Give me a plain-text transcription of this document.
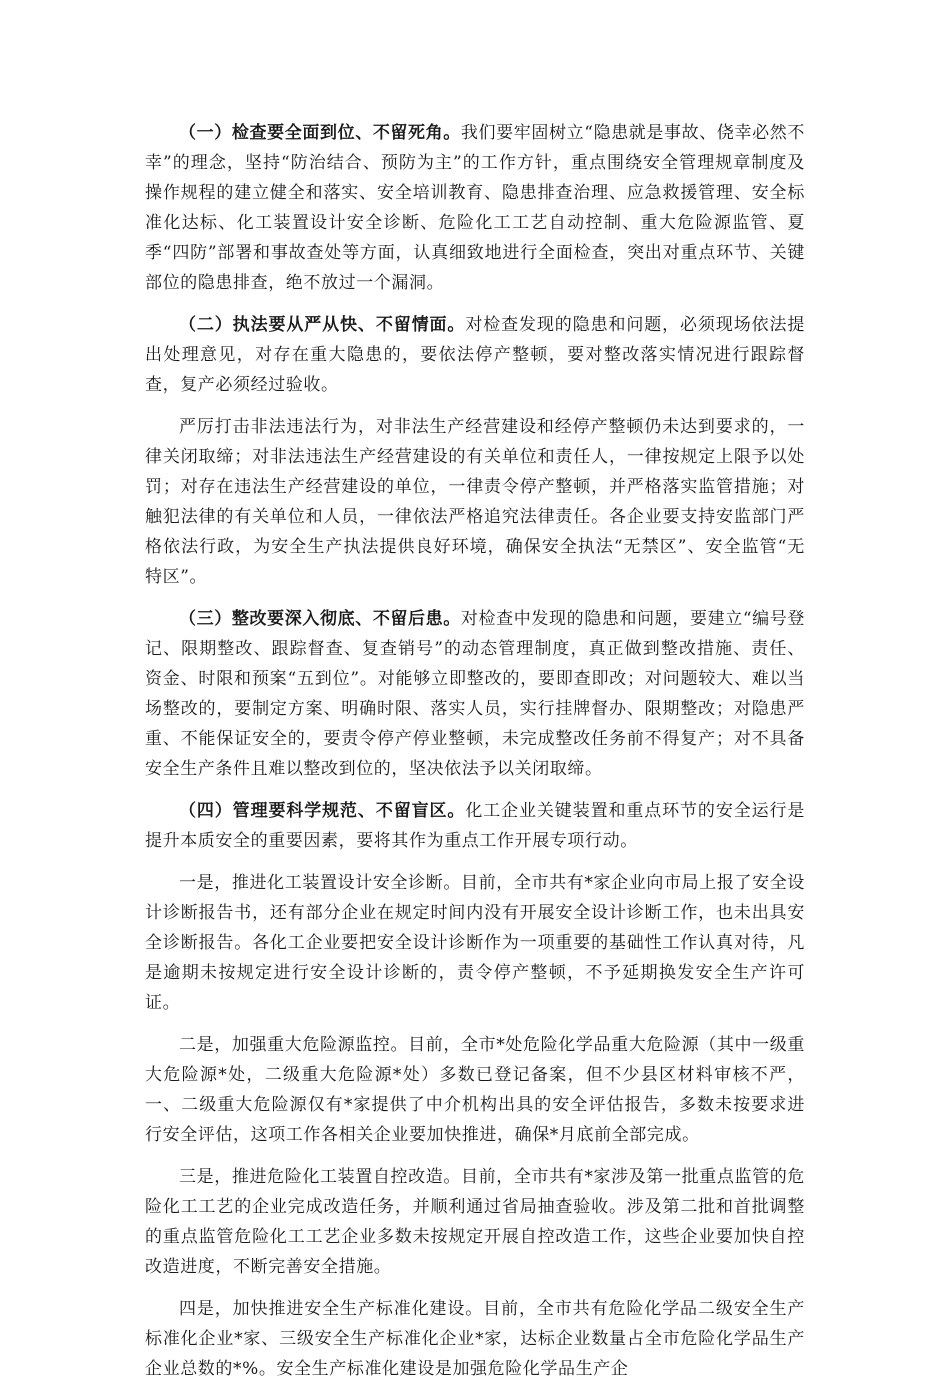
（一）检查要全面到位、不留死角。我们要牢固树立“隐患就是事故、侥幸必然不幸”的理念，坚持“防治结合、预防为主”的工作方针，重点围绕安全管理规章制度及操作规程的建立健全和落实、安全培训教育、隐患排查治理、应急救援管理、安全标准化达标、化工装置设计安全诊断、危险化工工艺自动控制、重大危险源监管、夏季“四防”部署和事故查处等方面，认真细致地进行全面检查，突出对重点环节、关键部位的隐患排查，绝不放过一个漏洞。

（二）执法要从严从快、不留情面。对检查发现的隐患和问题，必须现场依法提出处理意见，对存在重大隐患的，要依法停产整顿，要对整改落实情况进行跟踪督查，复产必须经过验收。

严厉打击非法违法行为，对非法生产经营建设和经停产整顿仍未达到要求的，一律关闭取缔；对非法违法生产经营建设的有关单位和责任人，一律按规定上限予以处罚；对存在违法生产经营建设的单位，一律责令停产整顿，并严格落实监管措施；对触犯法律的有关单位和人员，一律依法严格追究法律责任。各企业要支持安监部门严格依法行政，为安全生产执法提供良好环境，确保安全执法“无禁区”、安全监管“无特区”。

（三）整改要深入彻底、不留后患。对检查中发现的隐患和问题，要建立“编号登记、限期整改、跟踪督查、复查销号”的动态管理制度，真正做到整改措施、责任、资金、时限和预案“五到位”。对能够立即整改的，要即查即改；对问题较大、难以当场整改的，要制定方案、明确时限、落实人员，实行挂牌督办、限期整改；对隐患严重、不能保证安全的，要责令停产停业整顿，未完成整改任务前不得复产；对不具备安全生产条件且难以整改到位的，坚决依法予以关闭取缔。

（四）管理要科学规范、不留盲区。化工企业关键装置和重点环节的安全运行是提升本质安全的重要因素，要将其作为重点工作开展专项行动。

一是，推进化工装置设计安全诊断。目前，全市共有*家企业向市局上报了安全设计诊断报告书，还有部分企业在规定时间内没有开展安全设计诊断工作，也未出具安全诊断报告。各化工企业要把安全设计诊断作为一项重要的基础性工作认真对待，凡是逾期未按规定进行安全设计诊断的，责令停产整顿，不予延期换发安全生产许可证。

二是，加强重大危险源监控。目前，全市*处危险化学品重大危险源（其中一级重大危险源*处，二级重大危险源*处）多数已登记备案，但不少县区材料审核不严，一、二级重大危险源仅有*家提供了中介机构出具的安全评估报告，多数未按要求进行安全评估，这项工作各相关企业要加快推进，确保*月底前全部完成。

三是，推进危险化工装置自控改造。目前，全市共有*家涉及第一批重点监管的危险化工工艺的企业完成改造任务，并顺利通过省局抽查验收。涉及第二批和首批调整的重点监管危险化工工艺企业多数未按规定开展自控改造工作，这些企业要加快自控改造进度，不断完善安全措施。

四是，加快推进安全生产标准化建设。目前，全市共有危险化学品二级安全生产标准化企业*家、三级安全生产标准化企业*家，达标企业数量占全市危险化学品生产企业总数的*%。安全生产标准化建设是加强危险化学品生产企
